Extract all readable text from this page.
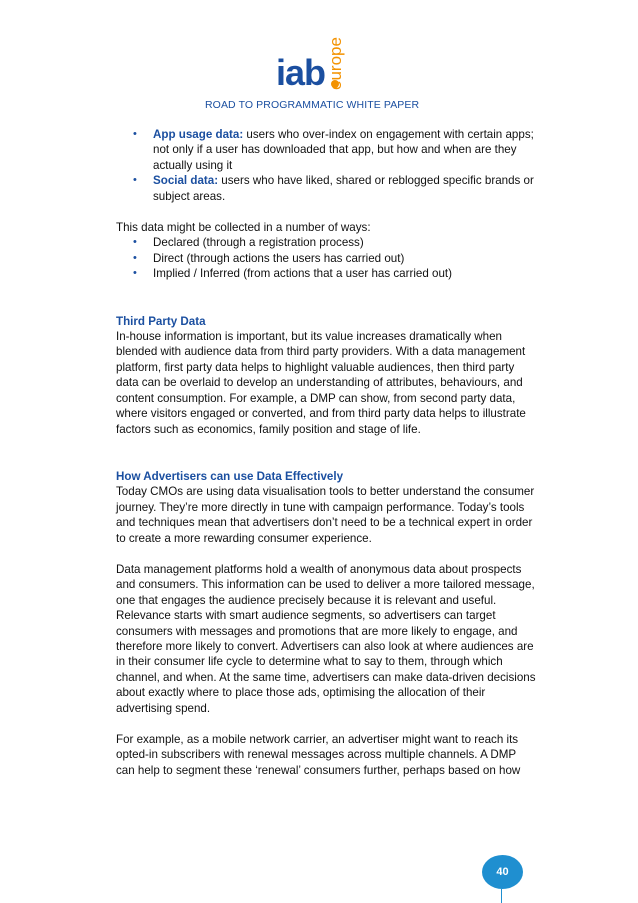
iab europe
ROAD TO PROGRAMMATIC WHITE PAPER
• App usage data: users who over-index on engagement with certain apps; not only if a user has downloaded that app, but how and when are they actually using it
• Social data: users who have liked, shared or reblogged specific brands or subject areas.

This data might be collected in a number of ways:

• Declared (through a registration process)
• Direct (through actions the users has carried out)
• Implied / Inferred (from actions that a user has carried out)

Third Party Data

In-house information is important, but its value increases dramatically when blended with audience data from third party providers. With a data management platform, first party data helps to highlight valuable audiences, then third party data can be overlaid to develop an understanding of attributes, behaviours, and content consumption. For example, a DMP can show, from second party data, where visitors engaged or converted, and from third party data helps to illustrate factors such as economics, family position and stage of life.

How Advertisers can use Data Effectively

Today CMOs are using data visualisation tools to better understand the consumer journey. They’re more directly in tune with campaign performance. Today’s tools and techniques mean that advertisers don’t need to be a technical expert in order to create a more rewarding consumer experience.

Data management platforms hold a wealth of anonymous data about prospects and consumers. This information can be used to deliver a more tailored message, one that engages the audience precisely because it is relevant and useful. Relevance starts with smart audience segments, so advertisers can target consumers with messages and promotions that are more likely to engage, and therefore more likely to convert. Advertisers can also look at where audiences are in their consumer life cycle to determine what to say to them, through which channel, and when. At the same time, advertisers can make data-driven decisions about exactly where to place those ads, optimising the allocation of their advertising spend.

For example, as a mobile network carrier, an advertiser might want to reach its opted-in subscribers with renewal messages across multiple channels. A DMP can help to segment these ‘renewal’ consumers further, perhaps based on how

40
